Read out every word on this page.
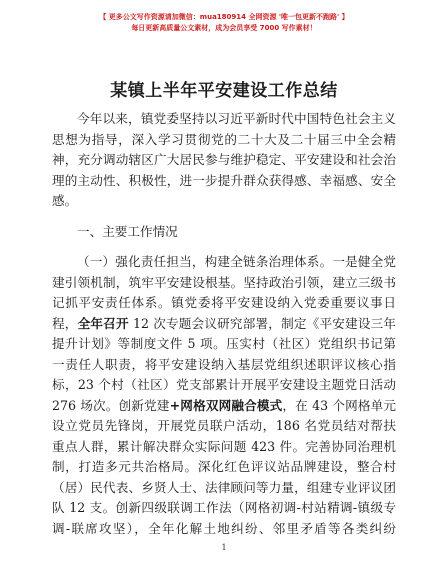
【 更多公文写作资源请加微信：mua180914 全网资源 '唯一包更新不跑路' 】
每日更新高质量公文素材，成为会员享受 7000 写作素材！
某镇上半年平安建设工作总结
今年以来，镇党委坚持以习近平新时代中国特色社会主义
思想为指导，深入学习贯彻党的二十大及二十届三中全会精
神，充分调动辖区广大居民参与维护稳定、平安建设和社会治
理的主动性、积极性，进一步提升群众获得感、幸福感、安全
感。
一、主要工作情况
（一）强化责任担当，构建全链条治理体系。一是健全党
建引领机制，筑牢平安建设根基。坚持政治引领，建立三级书
记抓平安责任体系。镇党委将平安建设纳入党委重要议事日
程，全年召开 12 次专题会议研究部署，制定《平安建设三年
提升计划》等制度文件 5 项。压实村（社区）党组织书记第
一责任人职责，将平安建设纳入基层党组织述职评议核心指
标，23 个村（社区）党支部累计开展平安建设主题党日活动
276 场次。创新党建+网格双网融合模式，在 43 个网格单元
设立党员先锋岗，开展党员联户活动，186 名党员结对帮扶
重点人群，累计解决群众实际问题 423 件。完善协同治理机
制，打造多元共治格局。深化红色评议站品牌建设，整合村
（居）民代表、乡贤人士、法律顾问等力量，组建专业评议团
队 12 支。创新四级联调工作法（网格初调-村站精调-镇级专
调-联席攻坚），全年化解土地纠纷、邻里矛盾等各类纠纷
1
